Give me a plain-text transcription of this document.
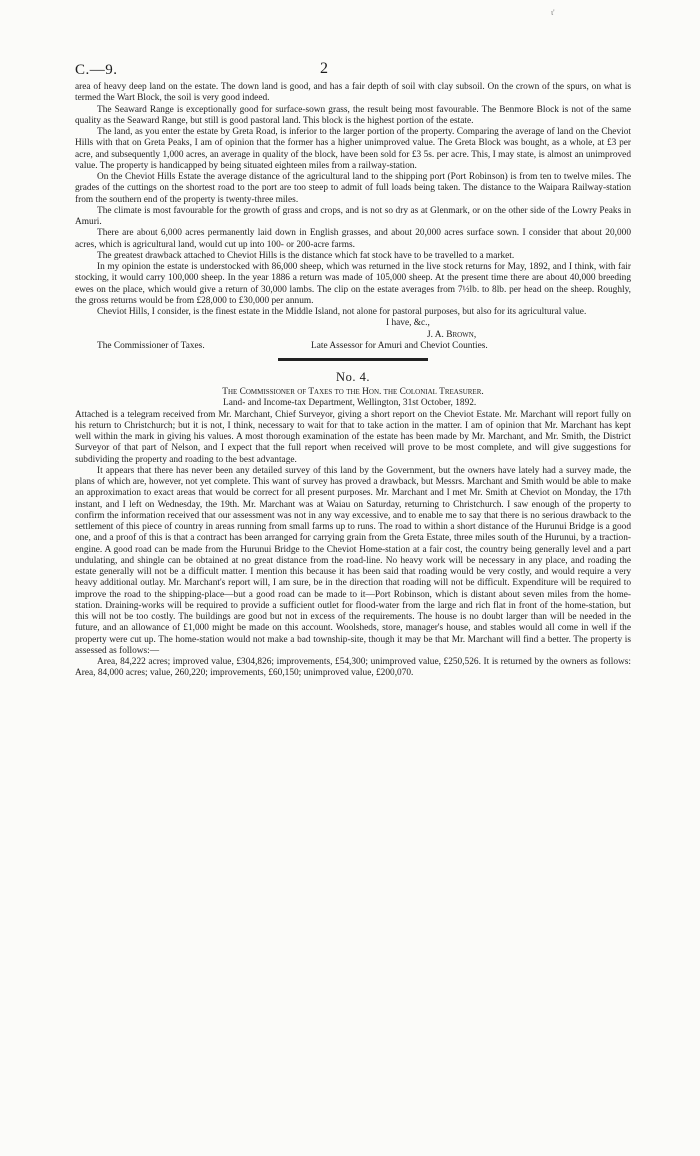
ι'
C.—9.	2

area of heavy deep land on the estate. The down land is good, and has a fair depth of soil with clay subsoil. On the crown of the spurs, on what is termed the Wart Block, the soil is very good indeed.

The Seaward Range is exceptionally good for surface-sown grass, the result being most favourable. The Benmore Block is not of the same quality as the Seaward Range, but still is good pastoral land. This block is the highest portion of the estate.

The land, as you enter the estate by Greta Road, is inferior to the larger portion of the property. Comparing the average of land on the Cheviot Hills with that on Greta Peaks, I am of opinion that the former has a higher unimproved value. The Greta Block was bought, as a whole, at £3 per acre, and subsequently 1,000 acres, an average in quality of the block, have been sold for £3 5s. per acre. This, I may state, is almost an unimproved value. The property is handicapped by being situated eighteen miles from a railway-station.

On the Cheviot Hills Estate the average distance of the agricultural land to the shipping port (Port Robinson) is from ten to twelve miles. The grades of the cuttings on the shortest road to the port are too steep to admit of full loads being taken. The distance to the Waipara Railway-station from the southern end of the property is twenty-three miles.

The climate is most favourable for the growth of grass and crops, and is not so dry as at Glenmark, or on the other side of the Lowry Peaks in Amuri.

There are about 6,000 acres permanently laid down in English grasses, and about 20,000 acres surface sown. I consider that about 20,000 acres, which is agricultural land, would cut up into 100- or 200-acre farms.

The greatest drawback attached to Cheviot Hills is the distance which fat stock have to be travelled to a market.

In my opinion the estate is understocked with 86,000 sheep, which was returned in the live stock returns for May, 1892, and I think, with fair stocking, it would carry 100,000 sheep. In the year 1886 a return was made of 105,000 sheep. At the present time there are about 40,000 breeding ewes on the place, which would give a return of 30,000 lambs. The clip on the estate averages from 7½lb. to 8lb. per head on the sheep. Roughly, the gross returns would be from £28,000 to £30,000 per annum.

Cheviot Hills, I consider, is the finest estate in the Middle Island, not alone for pastoral purposes, but also for its agricultural value.

I have, &c.,
J. A. Brown,
The Commissioner of Taxes.	Late Assessor for Amuri and Cheviot Counties.
No. 4.
The Commissioner of Taxes to the Hon. the Colonial Treasurer.
Land- and Income-tax Department, Wellington, 31st October, 1892.

Attached is a telegram received from Mr. Marchant, Chief Surveyor, giving a short report on the Cheviot Estate. Mr. Marchant will report fully on his return to Christchurch; but it is not, I think, necessary to wait for that to take action in the matter. I am of opinion that Mr. Marchant has kept well within the mark in giving his values. A most thorough examination of the estate has been made by Mr. Marchant, and Mr. Smith, the District Surveyor of that part of Nelson, and I expect that the full report when received will prove to be most complete, and will give suggestions for subdividing the property and roading to the best advantage.

It appears that there has never been any detailed survey of this land by the Government, but the owners have lately had a survey made, the plans of which are, however, not yet complete. This want of survey has proved a drawback, but Messrs. Marchant and Smith would be able to make an approximation to exact areas that would be correct for all present purposes. Mr. Marchant and I met Mr. Smith at Cheviot on Monday, the 17th instant, and I left on Wednesday, the 19th. Mr. Marchant was at Waiau on Saturday, returning to Christchurch. I saw enough of the property to confirm the information received that our assessment was not in any way excessive, and to enable me to say that there is no serious drawback to the settlement of this piece of country in areas running from small farms up to runs. The road to within a short distance of the Hurunui Bridge is a good one, and a proof of this is that a contract has been arranged for carrying grain from the Greta Estate, three miles south of the Hurunui, by a traction-engine. A good road can be made from the Hurunui Bridge to the Cheviot Home-station at a fair cost, the country being generally level and a part undulating, and shingle can be obtained at no great distance from the road-line. No heavy work will be necessary in any place, and roading the estate generally will not be a difficult matter. I mention this because it has been said that roading would be very costly, and would require a very heavy additional outlay. Mr. Marchant's report will, I am sure, be in the direction that roading will not be difficult. Expenditure will be required to improve the road to the shipping-place—but a good road can be made to it—Port Robinson, which is distant about seven miles from the home-station. Draining-works will be required to provide a sufficient outlet for flood-water from the large and rich flat in front of the home-station, but this will not be too costly. The buildings are good but not in excess of the requirements. The house is no doubt larger than will be needed in the future, and an allowance of £1,000 might be made on this account. Woolsheds, store, manager's house, and stables would all come in well if the property were cut up. The home-station would not make a bad township-site, though it may be that Mr. Marchant will find a better. The property is assessed as follows:—

Area, 84,222 acres; improved value, £304,826; improvements, £54,300; unimproved value, £250,526. It is returned by the owners as follows: Area, 84,000 acres; value, 260,220; improvements, £60,150; unimproved value, £200,070.
